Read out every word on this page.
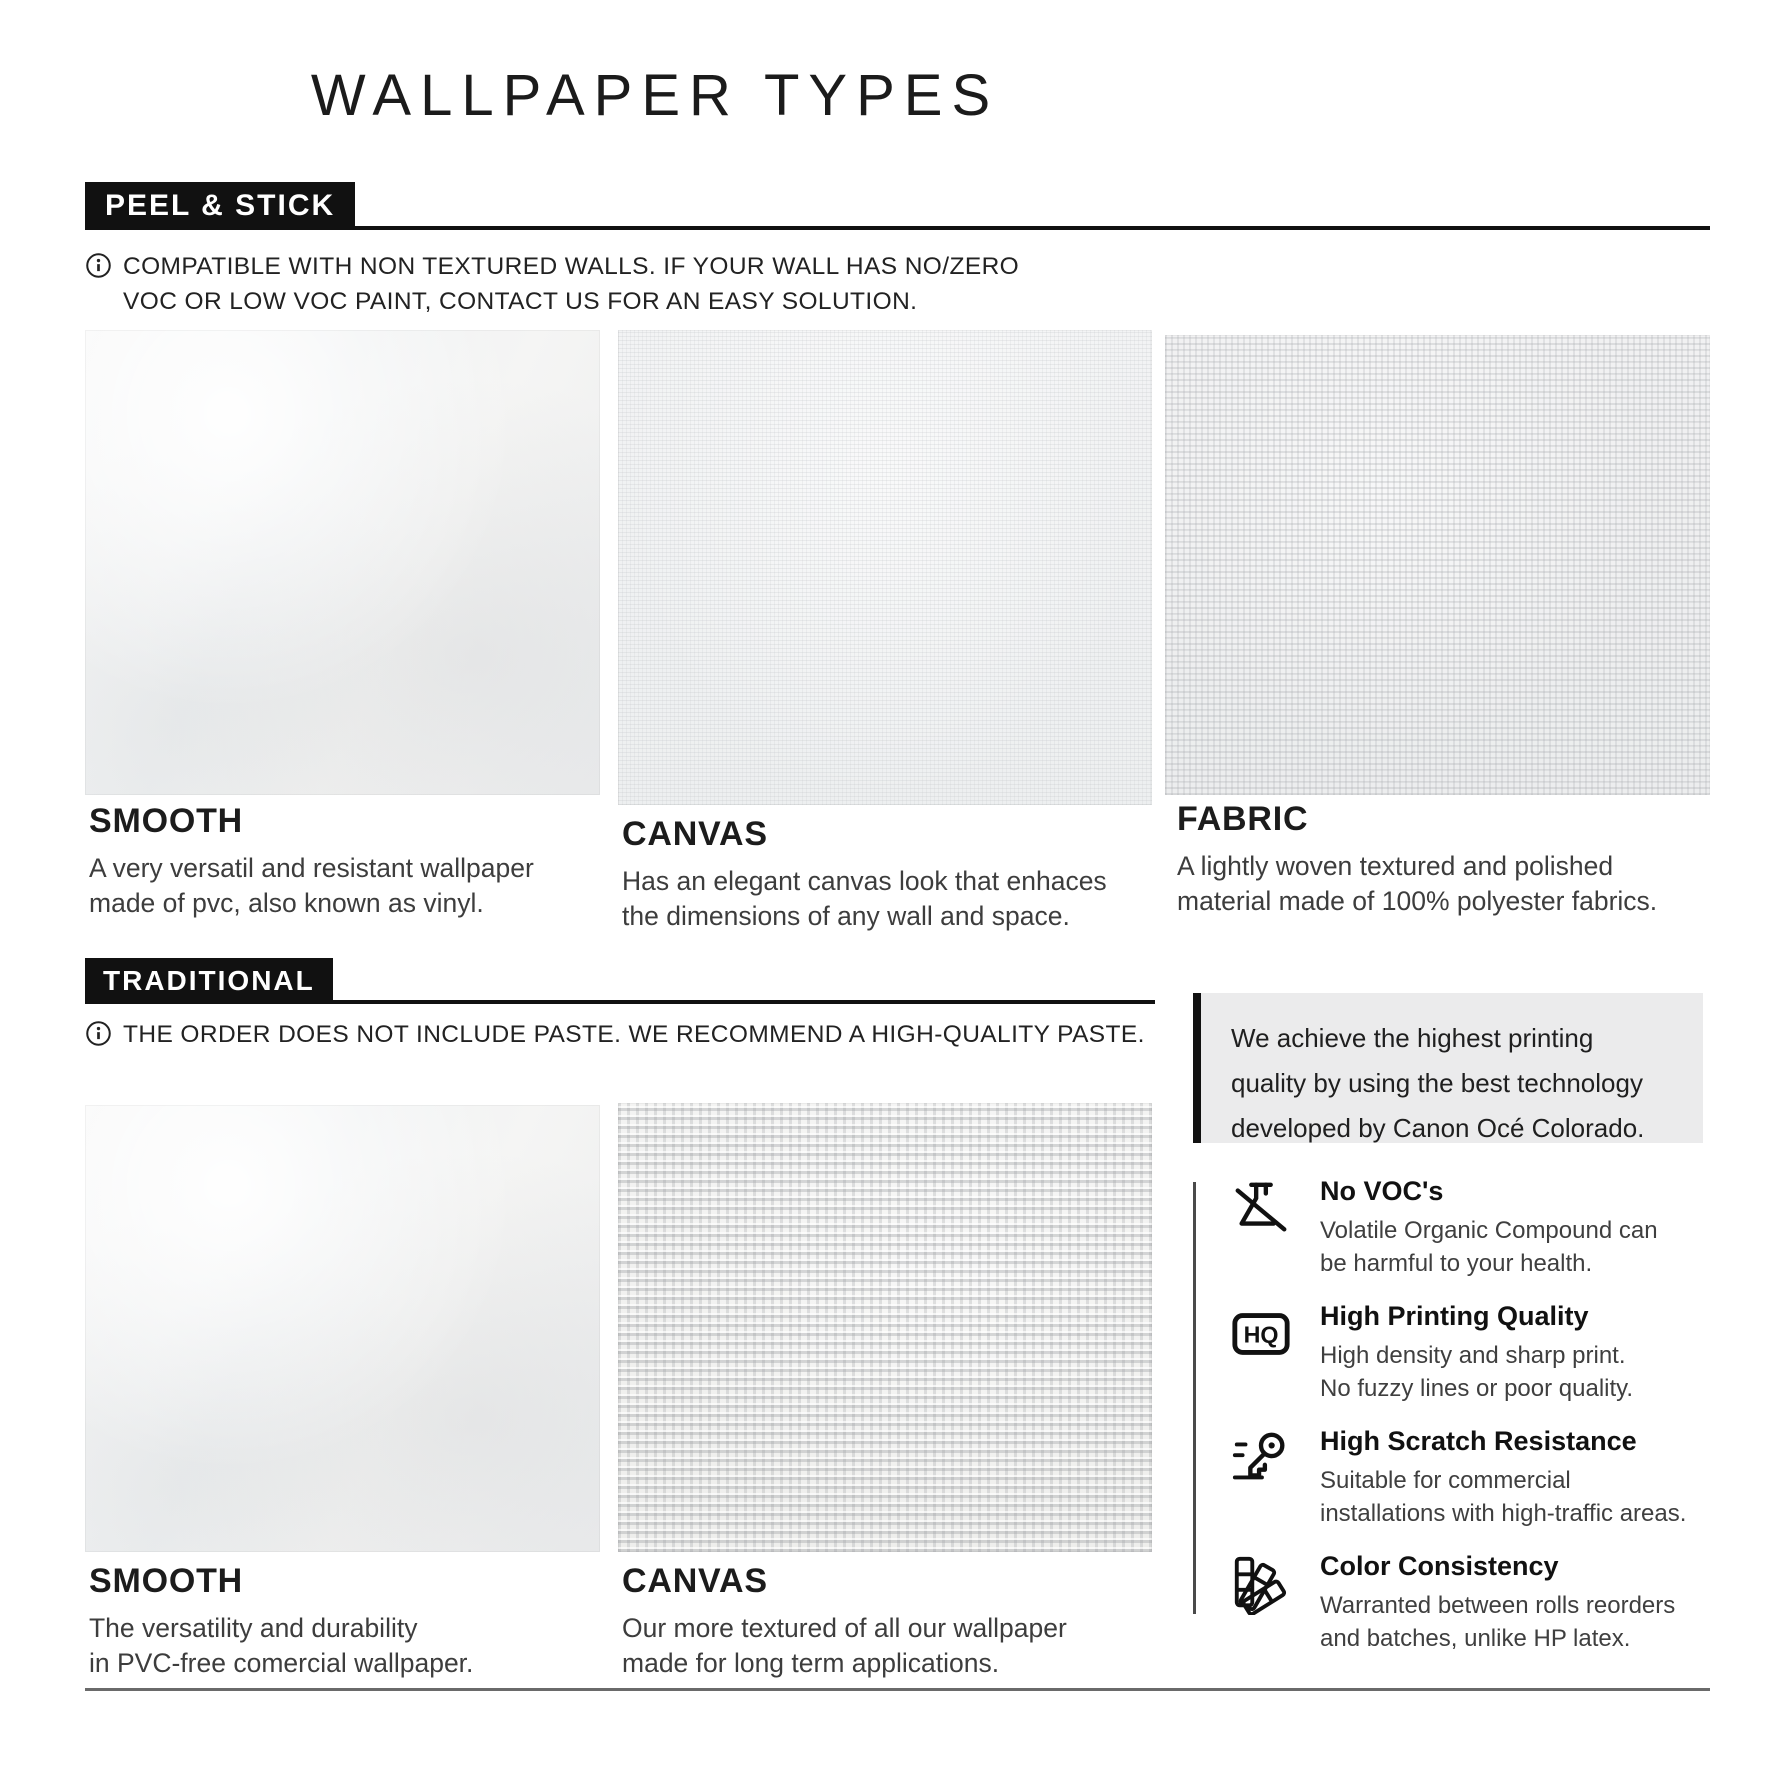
WALLPAPER TYPES
PEEL & STICK
COMPATIBLE WITH NON TEXTURED WALLS. IF YOUR WALL HAS NO/ZERO
VOC OR LOW VOC PAINT, CONTACT US FOR AN EASY SOLUTION.
SMOOTH
A very versatil and resistant wallpaper
made of pvc, also known as vinyl.
CANVAS
Has an elegant canvas look that enhaces
the dimensions of any wall and space.
FABRIC
A lightly woven textured and polished
material made of 100% polyester fabrics.
TRADITIONAL
THE ORDER DOES NOT INCLUDE PASTE. WE RECOMMEND A HIGH-QUALITY PASTE.
SMOOTH
The versatility and durability
in PVC-free comercial wallpaper.
CANVAS
Our more textured of all our wallpaper
made for long term applications.
We achieve the highest printing
quality by using the best technology
developed by Canon Océ Colorado.
No VOC's
Volatile Organic Compound can
be harmful to your health.
HQ
High Printing Quality
High density and sharp print.
No fuzzy lines or poor quality.
High Scratch Resistance
Suitable for commercial
installations with high-traffic areas.
Color Consistency
Warranted between rolls reorders
and batches, unlike HP latex.
